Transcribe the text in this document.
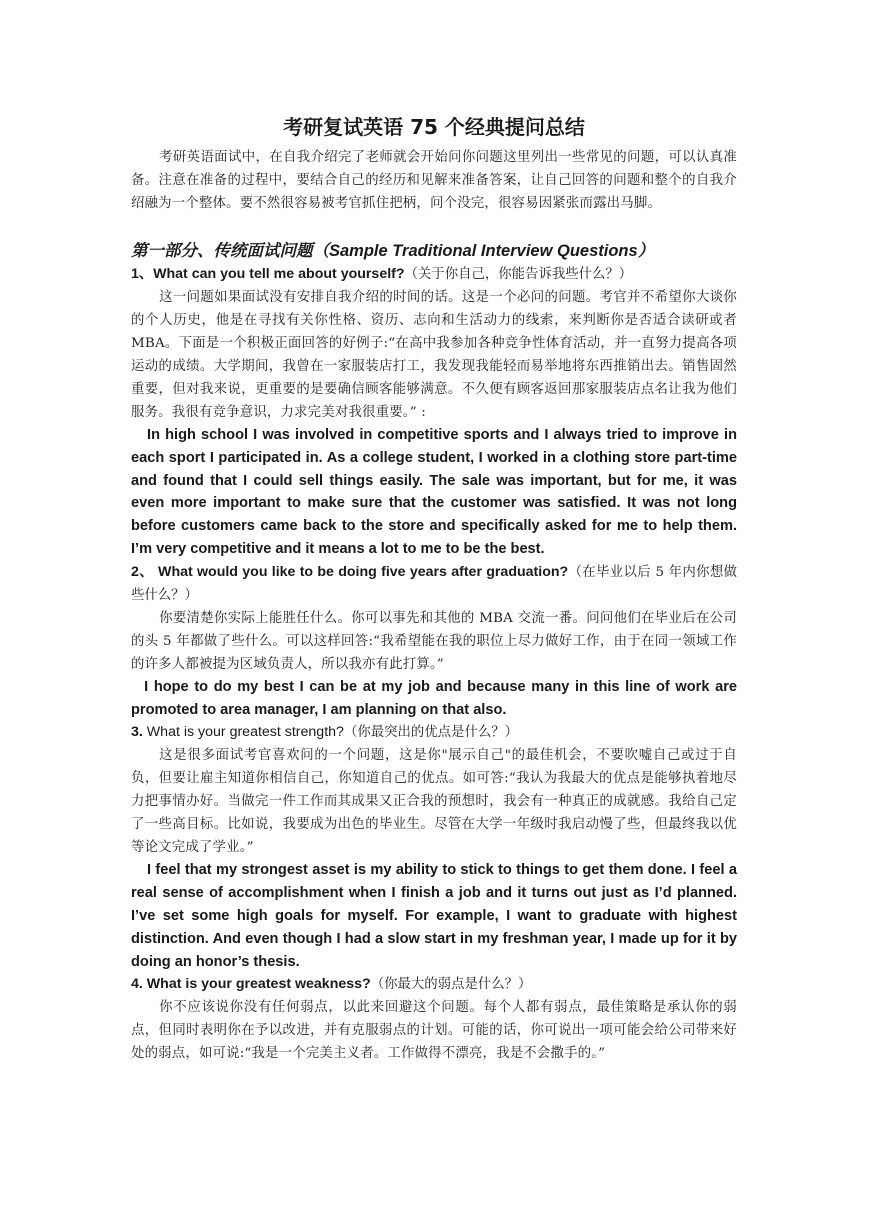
考研复试英语 75 个经典提问总结

考研英语面试中，在自我介绍完了老师就会开始问你问题这里列出一些常见的问题，可以认真准备。注意在准备的过程中，要结合自己的经历和见解来准备答案，让自己回答的问题和整个的自我介绍融为一个整体。要不然很容易被考官抓住把柄，问个没完，很容易因紧张而露出马脚。

第一部分、传统面试问题（Sample Traditional Interview Questions）

1、What can you tell me about yourself?（关于你自己，你能告诉我些什么？）

这一问题如果面试没有安排自我介绍的时间的话。这是一个必问的问题。考官并不希望你大谈你的个人历史，他是在寻找有关你性格、资历、志向和生活动力的线索，来判断你是否适合读研或者 MBA。下面是一个积极正面回答的好例子:“在高中我参加各种竞争性体育活动，并一直努力提高各项运动的成绩。大学期间，我曾在一家服装店打工，我发现我能轻而易举地将东西推销出去。销售固然重要，但对我来说，更重要的是要确信顾客能够满意。不久便有顾客返回那家服装店点名让我为他们服务。我很有竞争意识，力求完美对我很重要。” :

In high school I was involved in competitive sports and I always tried to improve in each sport I participated in. As a college student, I worked in a clothing store part-time and found that I could sell things easily. The sale was important, but for me, it was even more important to make sure that the customer was satisfied. It was not long before customers came back to the store and specifically asked for me to help them. I’m very competitive and it means a lot to me to be the best.

2、 What would you like to be doing five years after graduation?（在毕业以后 5 年内你想做些什么？）

你要清楚你实际上能胜任什么。你可以事先和其他的 MBA 交流一番。问问他们在毕业后在公司的头 5 年都做了些什么。可以这样回答:“我希望能在我的职位上尽力做好工作，由于在同一领域工作的许多人都被提为区域负责人，所以我亦有此打算。”

I hope to do my best I can be at my job and because many in this line of work are promoted to area manager, I am planning on that also.

3. What is your greatest strength?（你最突出的优点是什么？）

这是很多面试考官喜欢问的一个问题，这是你"展示自己"的最佳机会，不要吹嘘自己或过于自负，但要让雇主知道你相信自己，你知道自己的优点。如可答:“我认为我最大的优点是能够执着地尽力把事情办好。当做完一件工作而其成果又正合我的预想时，我会有一种真正的成就感。我给自己定了一些高目标。比如说，我要成为出色的毕业生。尽管在大学一年级时我启动慢了些，但最终我以优等论文完成了学业。”

I feel that my strongest asset is my ability to stick to things to get them done. I feel a real sense of accomplishment when I finish a job and it turns out just as I’d planned. I’ve set some high goals for myself. For example, I want to graduate with highest distinction. And even though I had a slow start in my freshman year, I made up for it by doing an honor’s thesis.

4. What is your greatest weakness?（你最大的弱点是什么？）

你不应该说你没有任何弱点，以此来回避这个问题。每个人都有弱点，最佳策略是承认你的弱点，但同时表明你在予以改进，并有克服弱点的计划。可能的话，你可说出一项可能会给公司带来好处的弱点，如可说:“我是一个完美主义者。工作做得不漂亮，我是不会撒手的。”
